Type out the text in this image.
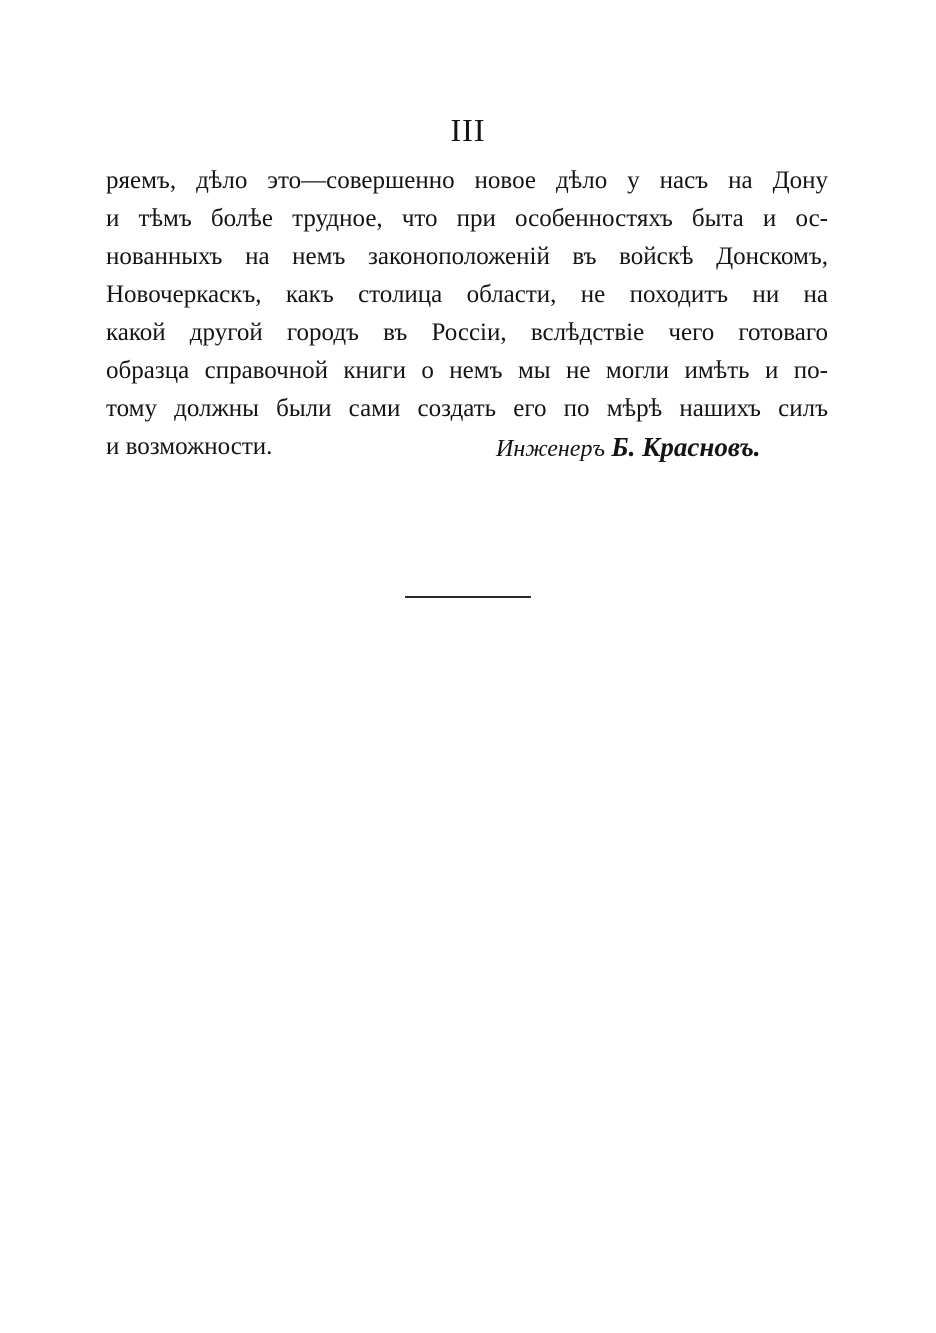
III
ряемъ, дѣло это—совершенно новое дѣло у насъ на Дону
и тѣмъ болѣе трудное, что при особенностяхъ быта и ос-
нованныхъ на немъ законоположеній въ войскѣ Донскомъ,
Новочеркаскъ, какъ столица области, не походитъ ни на
какой другой городъ въ Россіи, вслѣдствіе чего готоваго
образца справочной книги о немъ мы не могли имѣть и по-
тому должны были сами создать его по мѣрѣ нашихъ силъ
и возможности.	Инженеръ Б. Красновъ.
